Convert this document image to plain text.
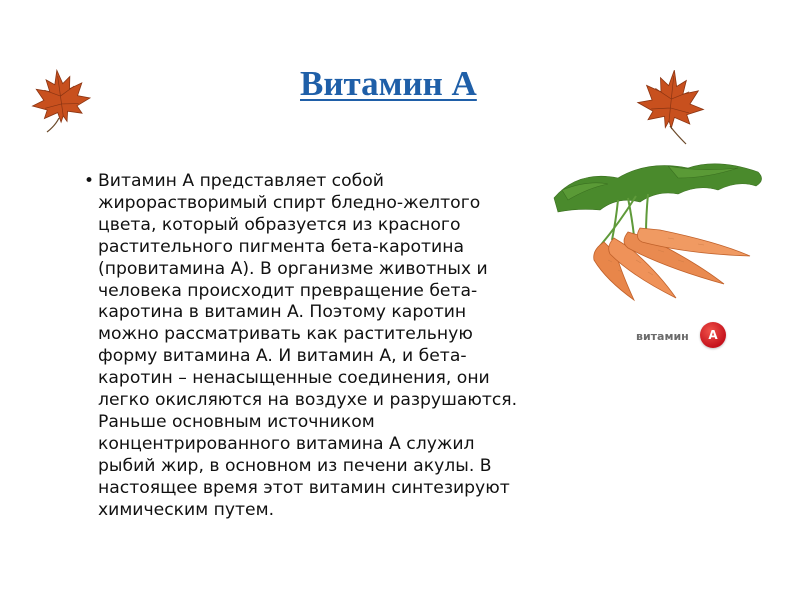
Витамин А
• Витамин A представляет собой жирорастворимый спирт бледно-желтого цвета, который образуется из красного растительного пигмента бета-каротина (провитамина A). В организме животных и человека происходит превращение бета-каротина в витамин A. Поэтому каротин можно рассматривать как растительную форму витамина A. И витамин A, и бета-каротин – ненасыщенные соединения, они легко окисляются на воздухе и разрушаются. Раньше основным источником концентрированного витамина A служил рыбий жир, в основном из печени акулы. В настоящее время этот витамин синтезируют химическим путем.
витамин	A
